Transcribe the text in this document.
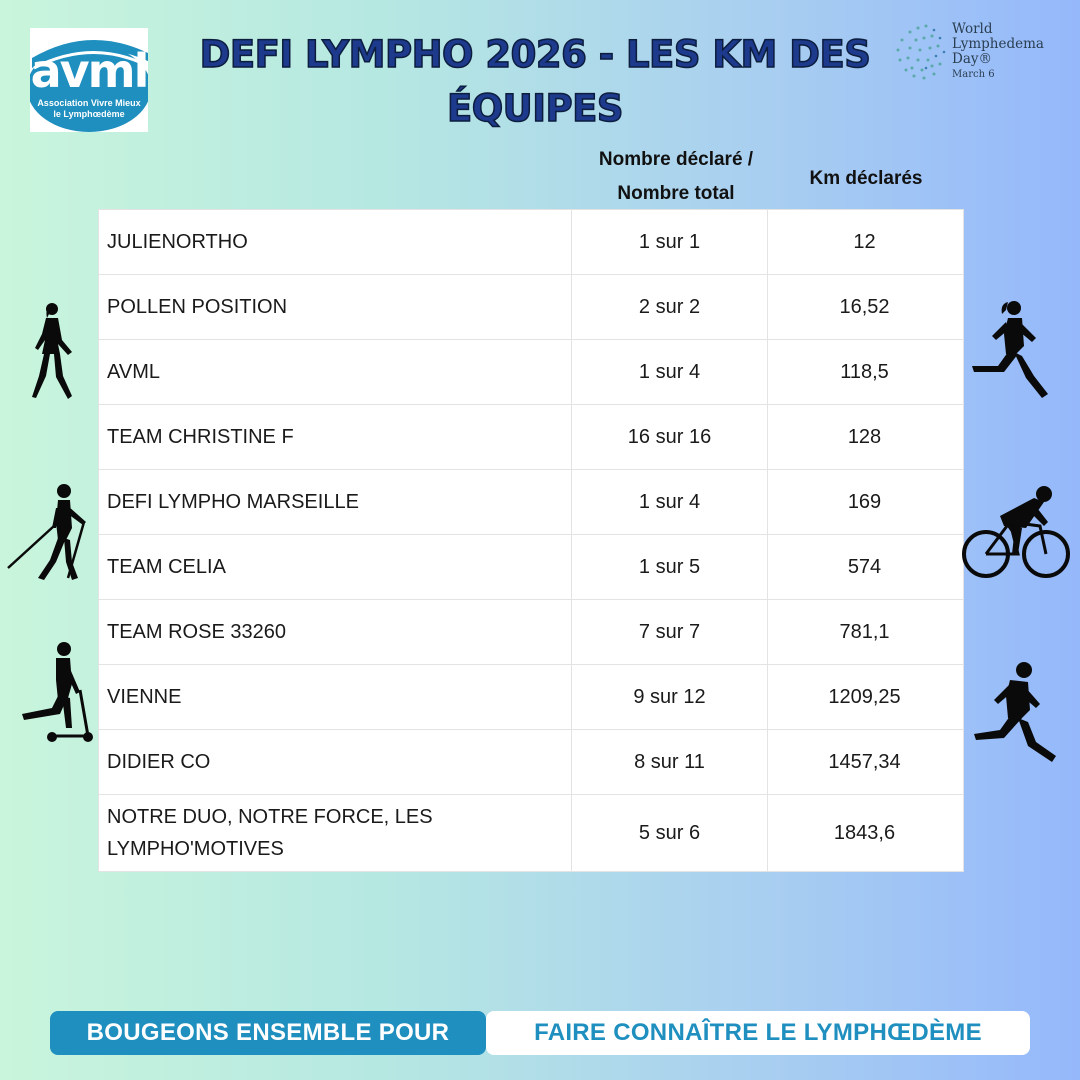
avml
Association Vivre Mieux
le Lymphœdème
DEFI LYMPHO 2026 - LES KM DES
ÉQUIPES
World
Lymphedema
Day®
March 6
Nombre déclaré /
Nombre total
Km déclarés
JULIENORTHO	1 sur 1	12
POLLEN POSITION	2 sur 2	16,52
AVML	1 sur 4	118,5
TEAM CHRISTINE F	16 sur 16	128
DEFI LYMPHO MARSEILLE	1 sur 4	169
TEAM CELIA	1 sur 5	574
TEAM ROSE 33260	7 sur 7	781,1
VIENNE	9 sur 12	1209,25
DIDIER CO	8 sur 11	1457,34
NOTRE DUO, NOTRE FORCE, LES
LYMPHO'MOTIVES
5 sur 6	1843,6
BOUGEONS ENSEMBLE POUR	FAIRE CONNAÎTRE LE LYMPHŒDÈME
